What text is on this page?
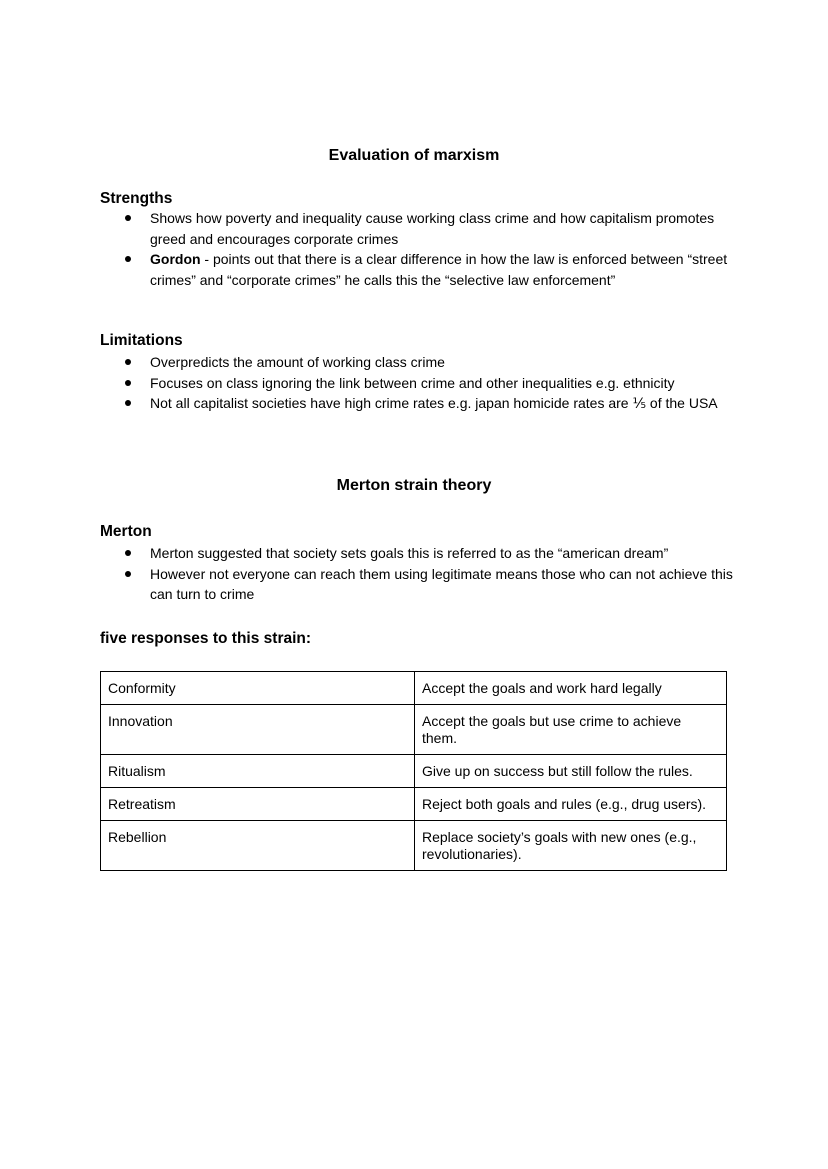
Evaluation of marxism
Strengths
Shows how poverty and inequality cause working class crime and how capitalism promotes greed and encourages corporate crimes
Gordon - points out that there is a clear difference in how the law is enforced between “street crimes” and “corporate crimes” he calls this the “selective law enforcement”
Limitations
Overpredicts the amount of working class crime
Focuses on class ignoring the link between crime and other inequalities e.g. ethnicity
Not all capitalist societies have high crime rates e.g. japan homicide rates are ⅕ of the USA
Merton strain theory
Merton
Merton suggested that society sets goals this is referred to as the “american dream”
However not everyone can reach them using legitimate means those who can not achieve this can turn to crime
five responses to this strain:
Conformity	Accept the goals and work hard legally
Innovation	Accept the goals but use crime to achieve them.
Ritualism	Give up on success but still follow the rules.
Retreatism	Reject both goals and rules (e.g., drug users).
Rebellion	Replace society’s goals with new ones (e.g., revolutionaries).
